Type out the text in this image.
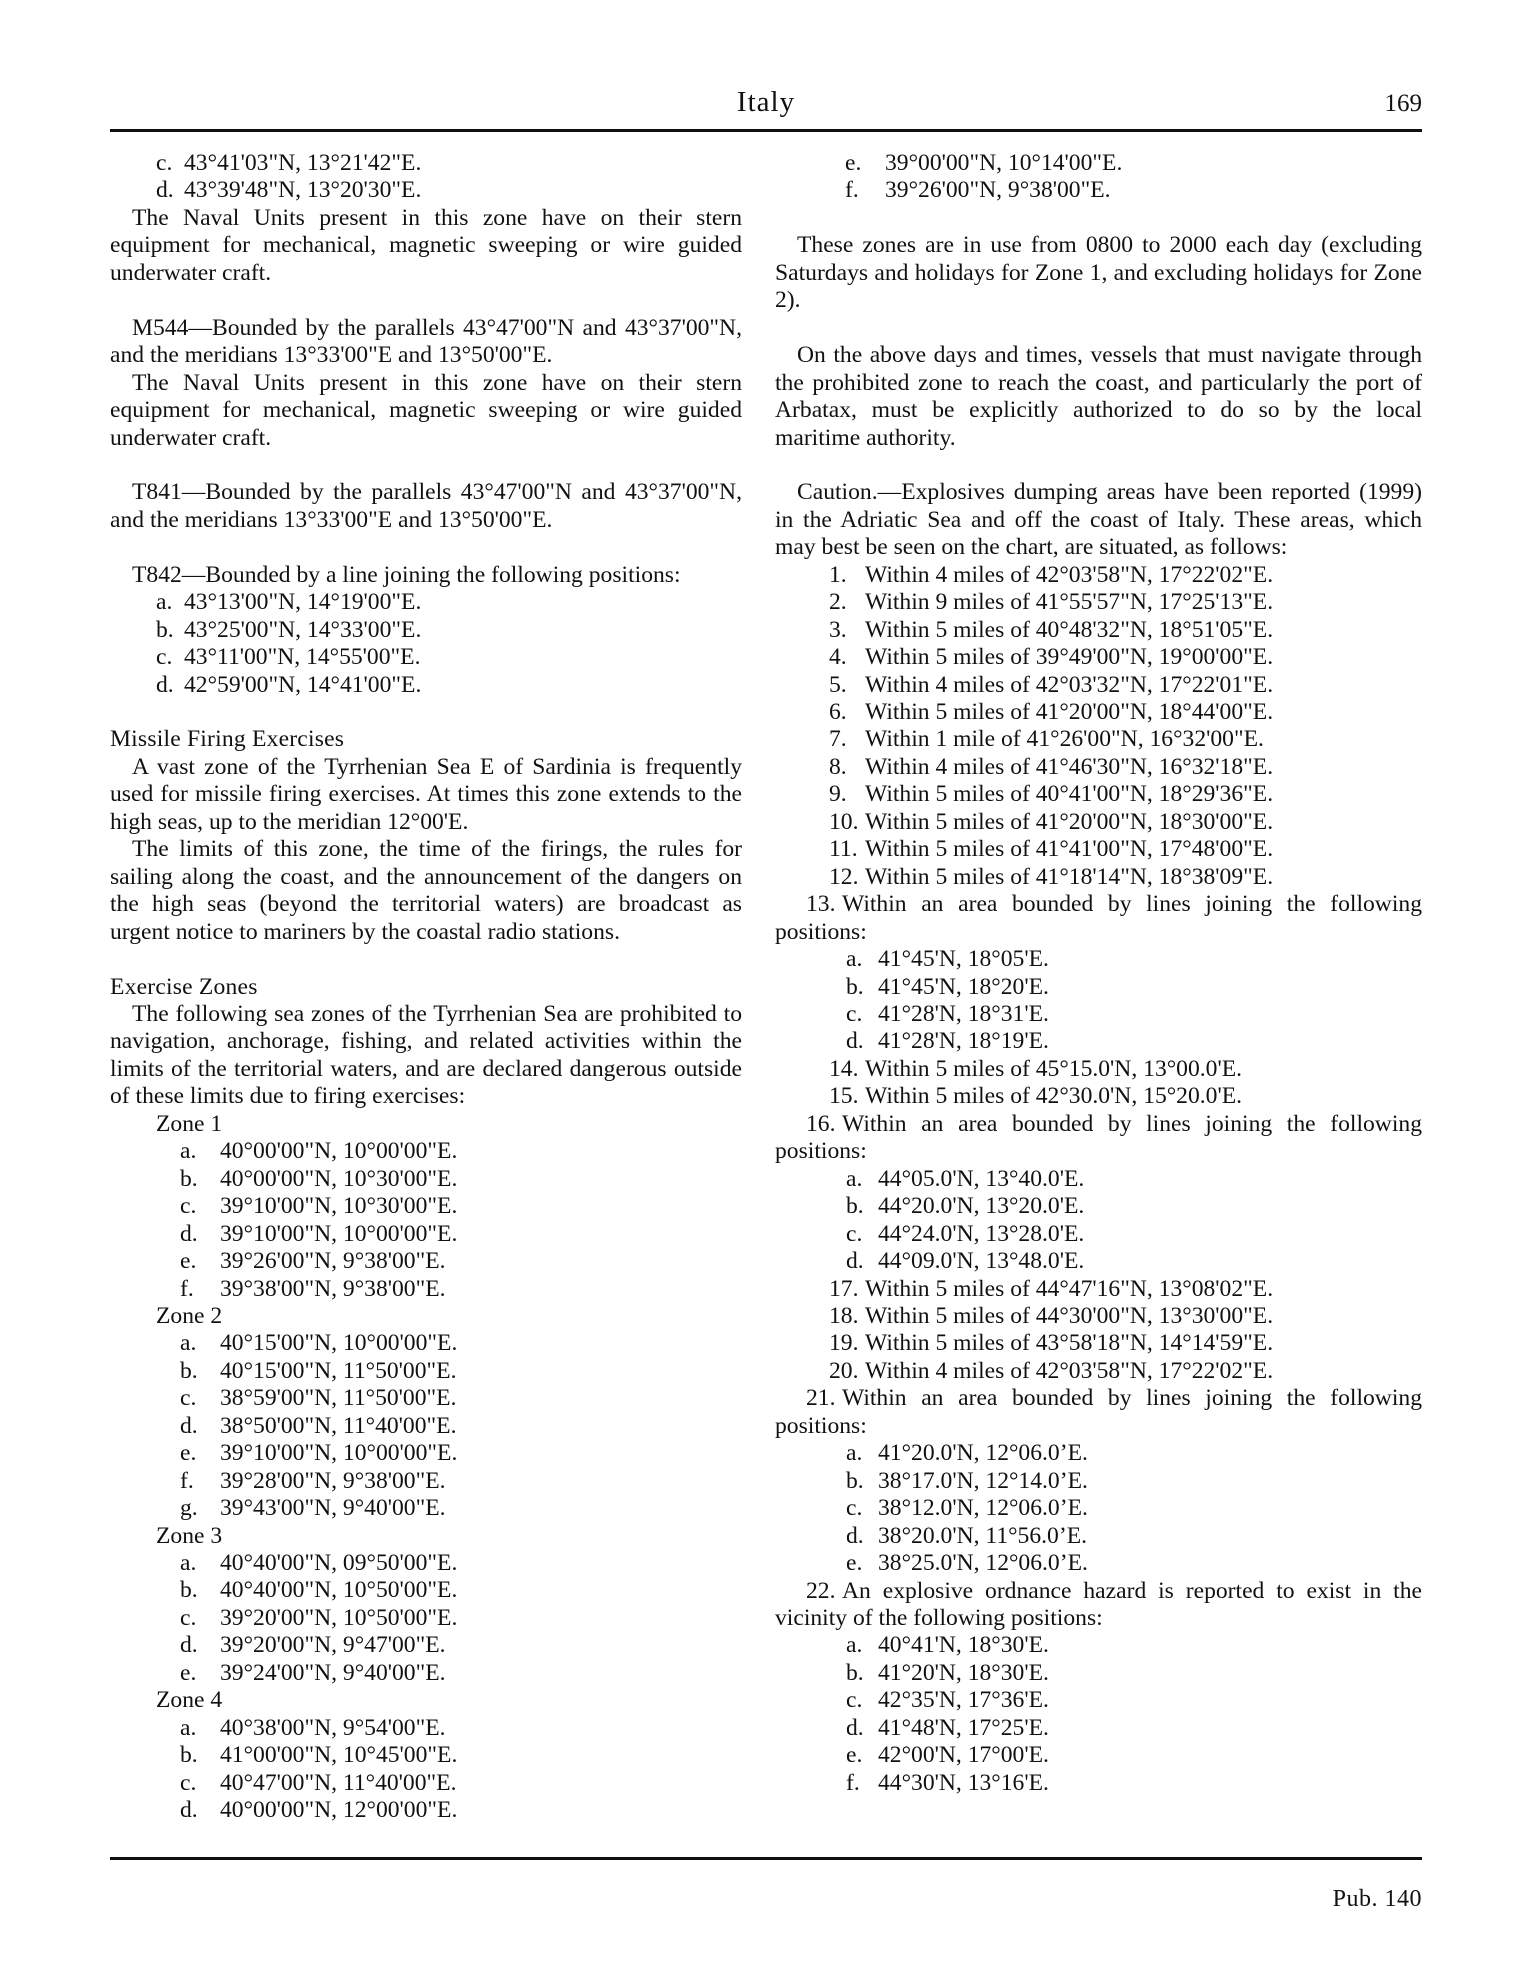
Italy	169
c. 43°41'03"N, 13°21'42"E.
d. 43°39'48"N, 13°20'30"E.

The Naval Units present in this zone have on their stern equipment for mechanical, magnetic sweeping or wire guided underwater craft.

M544—Bounded by the parallels 43°47'00"N and 43°37'00"N, and the meridians 13°33'00"E and 13°50'00"E.

The Naval Units present in this zone have on their stern equipment for mechanical, magnetic sweeping or wire guided underwater craft.

T841—Bounded by the parallels 43°47'00"N and 43°37'00"N, and the meridians 13°33'00"E and 13°50'00"E.

T842—Bounded by a line joining the following positions:

a. 43°13'00"N, 14°19'00"E.
b. 43°25'00"N, 14°33'00"E.
c. 43°11'00"N, 14°55'00"E.
d. 42°59'00"N, 14°41'00"E.

Missile Firing Exercises

A vast zone of the Tyrrhenian Sea E of Sardinia is frequently used for missile firing exercises. At times this zone extends to the high seas, up to the meridian 12°00'E.

The limits of this zone, the time of the firings, the rules for sailing along the coast, and the announcement of the dangers on the high seas (beyond the territorial waters) are broadcast as urgent notice to mariners by the coastal radio stations.

Exercise Zones

The following sea zones of the Tyrrhenian Sea are prohibited to navigation, anchorage, fishing, and related activities within the limits of the territorial waters, and are declared dangerous outside of these limits due to firing exercises:

Zone 1

a.	40°00'00"N, 10°00'00"E.
b. 40°00'00"N, 10°30'00"E.
c.	39°10'00"N, 10°30'00"E.
d. 39°10'00"N, 10°00'00"E.
e.	39°26'00"N, 9°38'00"E.
f.	39°38'00"N, 9°38'00"E.

Zone 2

a.	40°15'00"N, 10°00'00"E.
b. 40°15'00"N, 11°50'00"E.
c.	38°59'00"N, 11°50'00"E.
d. 38°50'00"N, 11°40'00"E.
e.	39°10'00"N, 10°00'00"E.
f.	39°28'00"N, 9°38'00"E.
g. 39°43'00"N, 9°40'00"E.

Zone 3

a.	40°40'00"N, 09°50'00"E.
b. 40°40'00"N, 10°50'00"E.
c.	39°20'00"N, 10°50'00"E.
d. 39°20'00"N, 9°47'00"E.
e.	39°24'00"N, 9°40'00"E.

Zone 4

a.	40°38'00"N, 9°54'00"E.
b. 41°00'00"N, 10°45'00"E.
c.	40°47'00"N, 11°40'00"E.
d. 40°00'00"N, 12°00'00"E.
e.	39°00'00"N, 10°14'00"E.
f.	39°26'00"N, 9°38'00"E.

These zones are in use from 0800 to 2000 each day (excluding Saturdays and holidays for Zone 1, and excluding holidays for Zone 2).

On the above days and times, vessels that must navigate through the prohibited zone to reach the coast, and particularly the port of Arbatax, must be explicitly authorized to do so by the local maritime authority.

Caution.—Explosives dumping areas have been reported (1999) in the Adriatic Sea and off the coast of Italy. These areas, which may best be seen on the chart, are situated, as follows:

1. Within 4 miles of 42°03'58"N, 17°22'02"E.
2. Within 9 miles of 41°55'57"N, 17°25'13"E.
3. Within 5 miles of 40°48'32"N, 18°51'05"E.
4. Within 5 miles of 39°49'00"N, 19°00'00"E.
5. Within 4 miles of 42°03'32"N, 17°22'01"E.
6. Within 5 miles of 41°20'00"N, 18°44'00"E.
7. Within 1 mile of 41°26'00"N, 16°32'00"E.
8. Within 4 miles of 41°46'30"N, 16°32'18"E.
9. Within 5 miles of 40°41'00"N, 18°29'36"E.
10. Within 5 miles of 41°20'00"N, 18°30'00"E.
11. Within 5 miles of 41°41'00"N, 17°48'00"E.
12. Within 5 miles of 41°18'14"N, 18°38'09"E.

13. Within an area bounded by lines joining the following positions:

a. 41°45'N, 18°05'E.
b. 41°45'N, 18°20'E.
c. 41°28'N, 18°31'E.
d. 41°28'N, 18°19'E.
14. Within 5 miles of 45°15.0'N, 13°00.0'E.
15. Within 5 miles of 42°30.0'N, 15°20.0'E.

16. Within an area bounded by lines joining the following positions:

a. 44°05.0'N, 13°40.0'E.
b. 44°20.0'N, 13°20.0'E.
c. 44°24.0'N, 13°28.0'E.
d. 44°09.0'N, 13°48.0'E.
17. Within 5 miles of 44°47'16"N, 13°08'02"E.
18. Within 5 miles of 44°30'00"N, 13°30'00"E.
19. Within 5 miles of 43°58'18"N, 14°14'59"E.
20. Within 4 miles of 42°03'58"N, 17°22'02"E.

21. Within an area bounded by lines joining the following positions:

a. 41°20.0'N, 12°06.0’E.
b. 38°17.0'N, 12°14.0’E.
c. 38°12.0'N, 12°06.0’E.
d. 38°20.0'N, 11°56.0’E.
e. 38°25.0'N, 12°06.0’E.

22. An explosive ordnance hazard is reported to exist in the vicinity of the following positions:

a. 40°41'N, 18°30'E.
b. 41°20'N, 18°30'E.
c. 42°35'N, 17°36'E.
d. 41°48'N, 17°25'E.
e. 42°00'N, 17°00'E.
f. 44°30'N, 13°16'E.
Pub. 140
